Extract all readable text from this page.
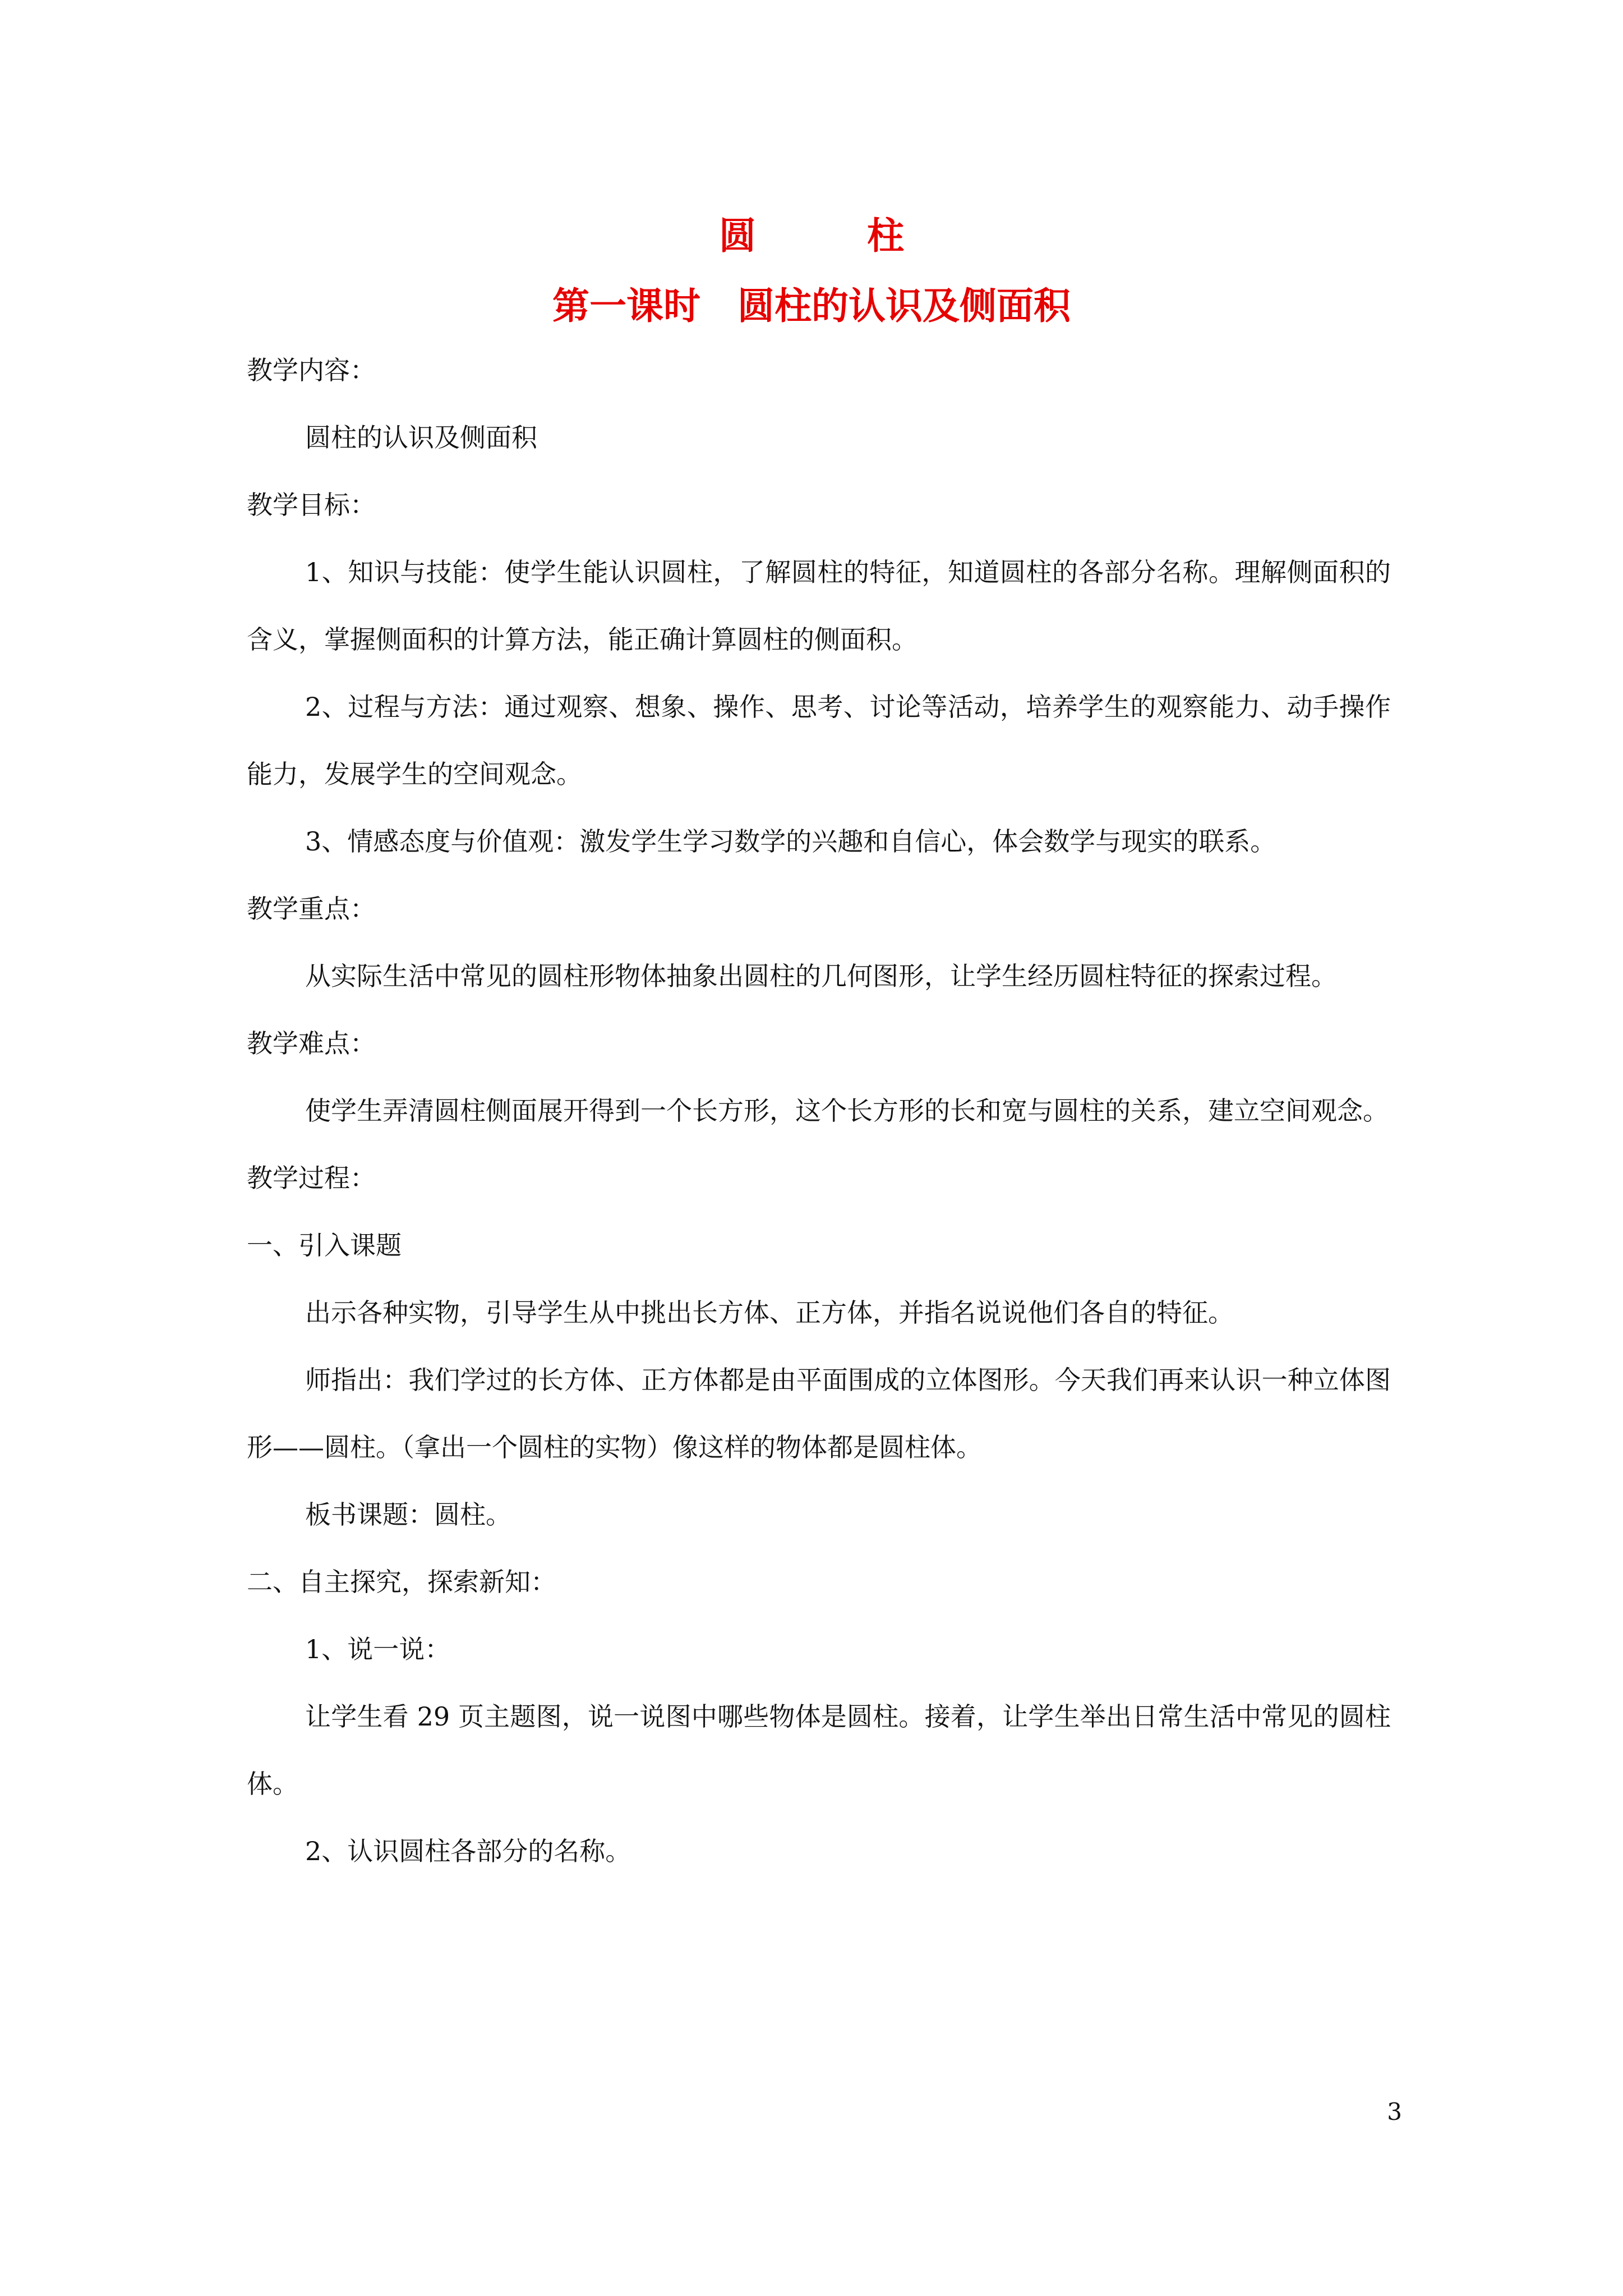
圆　柱
第一课时 圆柱的认识及侧面积

教学内容：

圆柱的认识及侧面积

教学目标：

1、知识与技能：使学生能认识圆柱，了解圆柱的特征，知道圆柱的各部分名称。理解侧面积的含义，掌握侧面积的计算方法，能正确计算圆柱的侧面积。

2、过程与方法：通过观察、想象、操作、思考、讨论等活动，培养学生的观察能力、动手操作能力，发展学生的空间观念。

3、情感态度与价值观：激发学生学习数学的兴趣和自信心，体会数学与现实的联系。

教学重点：

从实际生活中常见的圆柱形物体抽象出圆柱的几何图形，让学生经历圆柱特征的探索过程。

教学难点：

使学生弄清圆柱侧面展开得到一个长方形，这个长方形的长和宽与圆柱的关系，建立空间观念。

教学过程：

一、引入课题

出示各种实物，引导学生从中挑出长方体、正方体，并指名说说他们各自的特征。

师指出：我们学过的长方体、正方体都是由平面围成的立体图形。今天我们再来认识一种立体图形——圆柱。（拿出一个圆柱的实物）像这样的物体都是圆柱体。

板书课题：圆柱。

二、自主探究，探索新知：

1、说一说：

让学生看 29 页主题图，说一说图中哪些物体是圆柱。接着，让学生举出日常生活中常见的圆柱体。

2、认识圆柱各部分的名称。

3
